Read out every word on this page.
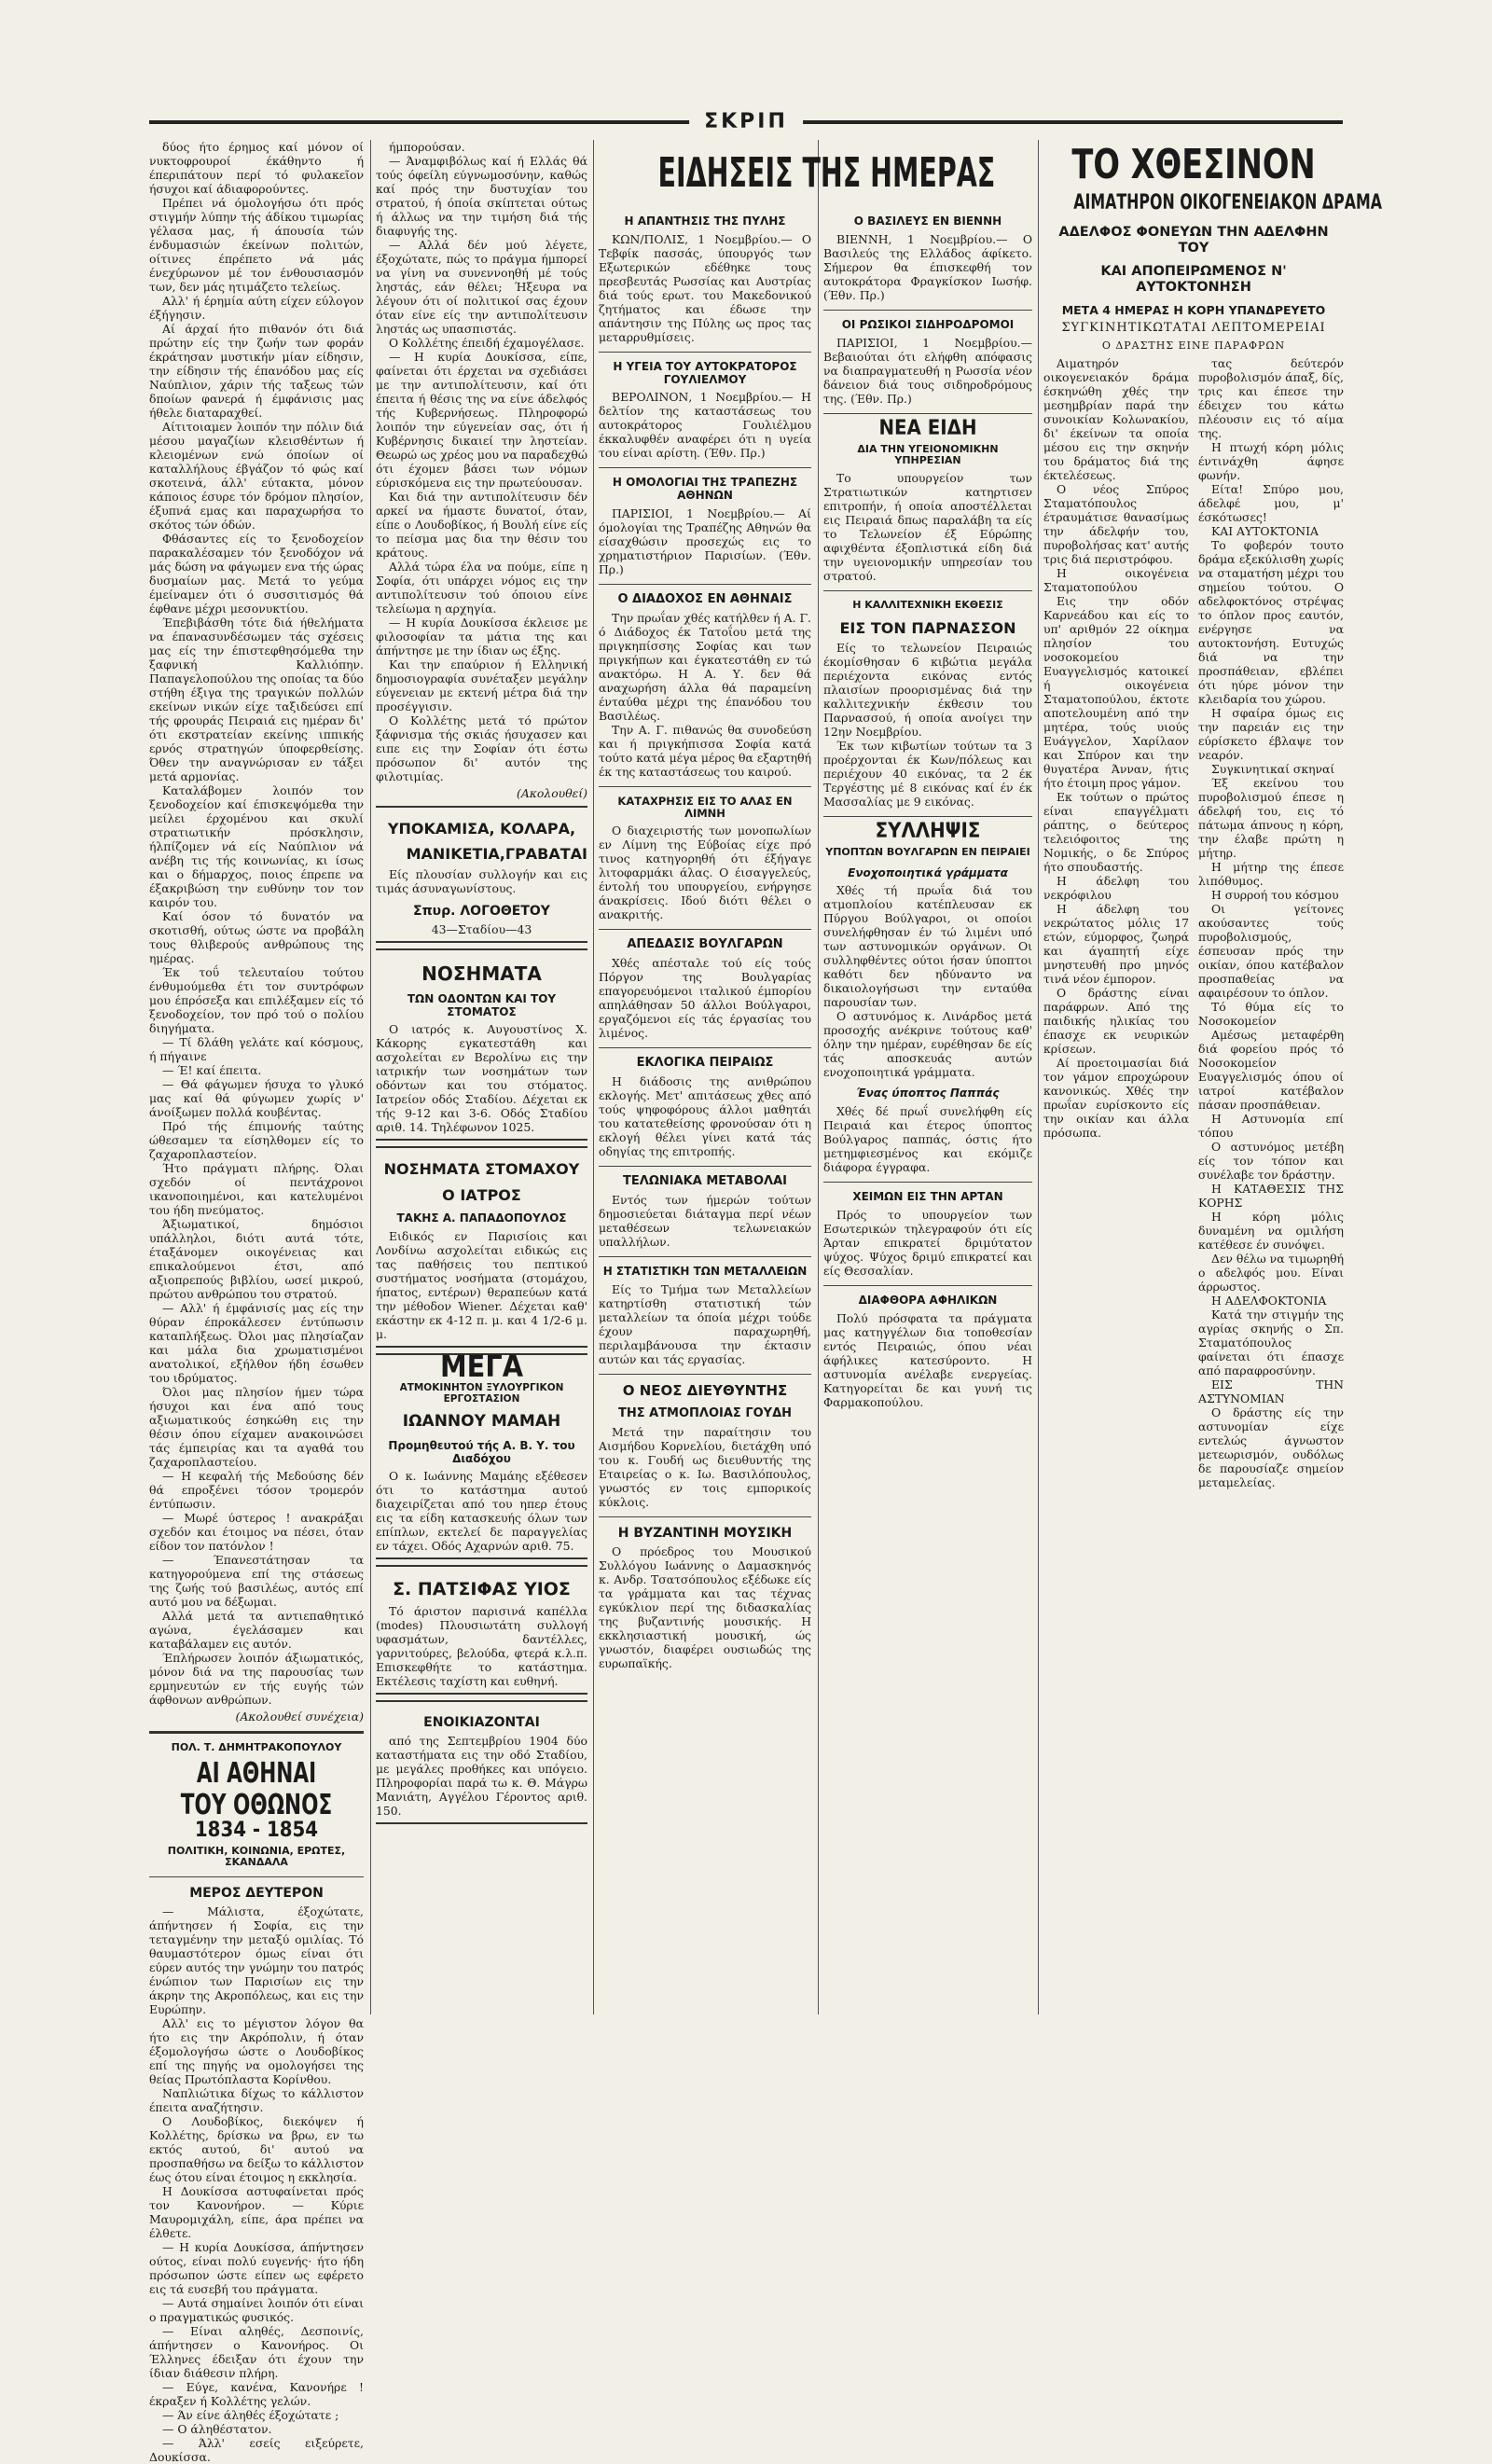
ΣΚΡΙΠ

δύος ήτο έρημος καί μόνον οί νυκτοφρουροί έκάθηντο ή έπεριπάτουν περί τό φυλακεῖον ήσυχοι καί άδιαφορούντες.

Πρέπει νά όμολογήσω ότι πρός στιγμήν λύπην τής άδίκου τιμωρίας γέλασα μας, ή άπουσία τών ένδυμασιών έκείνων πολιτών, οίτινες έπρέπετο νά μάς ένεχύρωνον μέ τον ένθουσιασμόν των, δεν μάς ητιμάζετο τελείως.

Αλλ' ή έρημία αύτη είχεν εύλογον έξήγησιν.

Αί άρχαί ήτο πιθανόν ότι διά πρώτην είς την ζωήν των φοράν έκράτησαν μυστικήν μίαν είδησιν, την είδησιν τής έπανόδου μας είς Ναύπλιον, χάριν τής ταξεως τών δποίων φανερά ή έμφάνισις μας ήθελε διαταραχθεί.

Αίτιτοιαμεν λοιπόν την πόλιν διά μέσου μαγαζίων κλεισθέντων ή κλειομένων ενώ όποίων οί καταλλήλους έβγάζον τό φώς καί σκοτεινά, άλλ' εύτακτα, μόνον κάποιος έσυρε τόν δρόμον πλησίον, έξυπνά εμας και παραχωρήσα το σκότος τών όδών.

Φθάσαντες είς το ξενοδοχείον παρακαλέσαμεν τόν ξενοδόχον νά μάς δώση να φάγωμεν ενα τής ώρας δυσμαίων μας. Μετά το γεύμα έμείναμεν ότι ό συσσιτισμός θά έφθανε μέχρι μεσονυκτίου.

Έπεβιβάσθη τότε διά ήθελήματα να έπανασυνδέσωμεν τάς σχέσεις μας είς την έπιστεφθησόμεθα την ξαφνική Καλλιόπην. Παπαγελοπούλου της οποίας τα δύο στήθη έξιγα της τραγικών πολλών εκείνων νικών είχε ταξιδεύσει επί τής φρουράς Πειραιά εις ημέραν δι' ότι εκστρατείαν εκείνης ιππικής ερνός στρατηγών ύποφερθείσης. Όθεν την αναγνώρισαν εν τάξει μετά αρμονίας.

Καταλάβομεν λοιπόν τον ξενοδοχείον καί έπισκεψόμεθα την μείλει έρχομένου και σκυλί στρατιωτικήν πρόσκλησιν, ήλπίζομεν νά είς Ναύπλιον νά ανέβη τις τής κοινωνίας, κι ίσως και ο δήμαρχος, ποιος έπρεπε να έξακριβώση την ευθύνην τον τον καιρόν του.

Καί όσον τό δυνατόν να σκοτισθή, ούτως ώστε να προβάλη τους θλιβερούς ανθρώπους της ημέρας.

Έκ τοΰ τελευταίου τούτου ένθυμούμεθα έτι τον συντρόφων μου έπρόσεξα και επιλέξαμεν είς τό ξενοδοχείον, τον πρό τού ο πολίου διηγήματα.

— Τί δλάθη γελάτε καί κόσμους, ή πήγαινε

— Έ! καί έπειτα.

— Θά φάγωμεν ήσυχα το γλυκό μας καί θά φύγωμεν χωρίς ν' άνοίξωμεν πολλά κουβέντας.

Πρό τής έπιμονής ταύτης ώθεσαμεν τα είσηλθομεν είς το ζαχαροπλαστείον.

Ήτο πράγματι πλήρης. Όλαι σχεδόν οί πεντάχρονοι ικανοποιημένοι, και κατελυμένοι του ήδη πνεύματος.

Άξιωματικοί, δημόσιοι υπάλληλοι, διότι αυτά τότε, έταξάνομεν οικογένειας και επικαλούμενοι έτσι, από αξιοπρεπούς βιβλίου, ωσεί μικρού, πρώτου ανθρώπου του στρατού.

— Αλλ' ή έμφάνισίς μας είς την θύραν έπροκάλεσεν έντύπωσιν καταπλήξεως. Όλοι μας πλησίαζαν και μάλα δια χρωματισμένοι ανατολικοί, εξήλθον ήδη έσωθεν του ιδρύματος.

Όλοι μας πλησίον ήμεν τώρα ήσυχοι και ένα από τους αξιωματικούς έσηκώθη εις την θέσιν όπου είχαμεν ανακοινώσει τάς έμπειρίας και τα αγαθά του ζαχαροπλαστείου.

— Η κεφαλή τής Μεδούσης δέν θά επροξένει τόσον τρομερόν έντύπωσιν.

— Μωρέ ύστερος ! ανακράξαι σχεδόν και έτοιμος να πέσει, όταν είδον τον πατόνλον !

— Έπανεστάτησαν τα κατηγορούμενα επί της στάσεως της ζωής τού βασιλέως, αυτός επί αυτό μου να δέξωμαι.

Αλλά μετά τα αντιεπαθητικό αγώνα, έγελάσαμεν και καταβάλαμεν εις αυτόν.

Έπλήρωσεν λοιπόν άξιωματικός, μόνον διά να της παρουσίας των ερμηνευτών εν τής ευγής τών άφθονων ανθρώπων.

(Ακολουθεί συνέχεια)
ΠΟΛ. Τ. ΔΗΜΗΤΡΑΚΟΠΟΥΛΟΥ
ΑΙ ΑΘΗΝΑΙ ΤΟΥ ΟΘΩΝΟΣ
1834 - 1854
ΠΟΛΙΤΙΚΗ, ΚΟΙΝΩΝΙΑ, ΕΡΩΤΕΣ, ΣΚΑΝΔΑΛΑ
ΜΕΡΟΣ ΔΕΥΤΕΡΟΝ

— Μάλιστα, έξοχώτατε, άπήντησεν ή Σοφία, εις την τεταγμένην την μεταξύ ομιλίας. Τό θαυμαστότερον όμως είναι ότι εύρεν αυτός την γνώμην του πατρός ένώπιον των Παρισίων εις την άκρην της Ακροπόλεως, και εις την Ευρώπην.

Αλλ' εις το μέγιστον λόγον θα ήτο εις την Ακρόπολιν, ή όταν έξομολογήσω ώστε ο Λουδοβίκος επί της πηγής να ομολογήσει της θείας Πρωτόπλαστα Κορίνθου.

Ναπλιώτικα δίχως το κάλλιστον έπειτα αναζήτησιν.

Ο Λουδοβίκος, διεκόψεν ή Κολλέτης, δρίσκω να βρω, εν τω εκτός αυτού, δι' αυτού να προσπαθήσω να δείξω το κάλλιστον έως ότου είναι έτοιμος η εκκλησία.

Η Δουκίσσα αστυφαίνεται πρός τον Κανονήρον. — Κύριε Μαυρομιχάλη, είπε, άρα πρέπει να έλθετε.

— Η κυρία Δουκίσσα, άπήντησεν ούτος, είναι πολύ ευγενής· ήτο ήδη πρόσωπον ώστε είπεν ως εφέρετο εις τά ευσεβή του πράγματα.

— Αυτά σημαίνει λοιπόν ότι είναι ο πραγματικώς φυσικός.

— Είναι αληθές, Δεσποινίς, άπήντησεν ο Κανονήρος. Οι Έλληνες έδειξαν ότι έχουν την ίδιαν διάθεσιν πλήρη.

— Εύγε, κανένα, Κανονήρε ! έκραξεν ή Κολλέτης γελών.

— Άν είνε άληθές έξοχώτατε ;

— Ο άληθέστατον.

— Άλλ' εσείς ειξεύρετε, Δουκίσσα.

ήμπορούσαν.

— Άναμφιβόλως καί ή Ελλάς θά τούς όφείλη εύγνωμοσύνην, καθώς καί πρός την δυστυχίαν του στρατού, ή όποία σκίπτεται ούτως ή άλλως να την τιμήση διά τής διαφυγής της.

— Αλλά δέν μού λέγετε, έξοχώτατε, πώς το πράγμα ήμπορεί να γίνη να συνεννοηθή μέ τούς ληστάς, εάν θέλει; Ήξευρα να λέγουν ότι οί πολιτικοί σας έχουν όταν είνε είς την αντιπολίτευσιν ληστάς ως υπασπιστάς.

Ο Κολλέτης έπειδή έχαμογέλασε.

— Η κυρία Δουκίσσα, είπε, φαίνεται ότι έρχεται να σχεδιάσει με την αντιπολίτευσιν, καί ότι έπειτα ή θέσις της να είνε άδελφός τής Κυβερνήσεως. Πληροφορώ λοιπόν την εύγενείαν σας, ότι ή Κυβέρνησις δικαιεί την ληστείαν. Θεωρώ ως χρέος μου να παραδεχθώ ότι έχομεν βάσει των νόμων εύρισκόμενα εις την πρωτεύουσαν.

Και διά την αντιπολίτευσιν δέν αρκεί να ήμαστε δυνατοί, όταν, είπε ο Λουδοβίκος, ή Βουλή είνε είς το πείσμα μας δια την θέσιν του κράτους.

Αλλά τώρα έλα να πούμε, είπε η Σοφία, ότι υπάρχει νόμος εις την αντιπολίτευσιν τού όποιου είνε τελείωμα η αρχηγία.

— Η κυρία Δουκίσσα έκλεισε με φιλοσοφίαν τα μάτια της και άπήντησε με την ίδιαν ως έξης.

Και την επαύριον ή Ελληνική δημοσιογραφία συνέταξεν μεγάλην εύγενειαν με εκτενή μέτρα διά την προσέγγισιν.

Ο Κολλέτης μετά τό πρώτον ξάφνισμα τής σκιάς ήσυχασεν και ειπε εις την Σοφίαν ότι έστω πρόσωπον δι' αυτόν της φιλοτιμίας.

(Ακολουθεί)
ΥΠΟΚΑΜΙΣΑ, ΚΟΛΑΡΑ,
ΜΑΝΙΚΕΤΙΑ,ΓΡΑΒΑΤΑΙ

Είς πλουσίαν συλλογήν και εις τιμάς άσυναγωνίστους.

Σπυρ. ΛΟΓΟΘΕΤΟΥ
43—Σταδίου—43
ΝΟΣΗΜΑΤΑ
ΤΩΝ ΟΔΟΝΤΩΝ ΚΑΙ ΤΟΥ ΣΤΟΜΑΤΟΣ

Ο ιατρός κ. Αυγουστίνος Χ. Κάκορης εγκατεστάθη και ασχολείται εν Βερολίνω εις την ιατρικήν των νοσημάτων των οδόντων και του στόματος. Ιατρείον οδός Σταδίου. Δέχεται εκ τής 9-12 και 3-6. Οδός Σταδίου αριθ. 14. Τηλέφωνον 1025.

ΝΟΣΗΜΑΤΑ ΣΤΟΜΑΧΟΥ
Ο ΙΑΤΡΟΣ
ΤΑΚΗΣ Α. ΠΑΠΑΔΟΠΟΥΛΟΣ

Ειδικός εν Παρισίοις και Λονδίνω ασχολείται ειδικώς εις τας παθήσεις του πεπτικού συστήματος νοσήματα (στομάχου, ήπατος, εντέρων) θεραπεύων κατά την μέθοδον Wiener. Δέχεται καθ' εκάστην εκ 4-12 π. μ. και 4 1/2-6 μ. μ.

ΜΕΓΑ
ΑΤΜΟΚΙΝΗΤΟΝ ΞΥΛΟΥΡΓΙΚΟΝ ΕΡΓΟΣΤΑΣΙΟΝ
ΙΩΑΝΝΟΥ ΜΑΜΑΗ
Προμηθευτού τής Α. Β. Υ. του Διαδόχου

Ο κ. Ιωάννης Μαμάης εξέθεσεν ότι το κατάστημα αυτού διαχειρίζεται από του ηπερ έτους εις τα είδη κατασκευής όλων των επίπλων, εκτελεί δε παραγγελίας εν τάχει. Οδός Αχαρνών αριθ. 75.

Σ. ΠΑΤΣΙΦΑΣ ΥΙΟΣ

Τό άριστον παρισινά καπέλλα (modes) Πλουσιωτάτη συλλογή υφασμάτων, δαντέλλες, γαρνιτούρες, βελούδα, φτερά κ.λ.π. Επισκεφθήτε το κατάστημα. Εκτέλεσις ταχίστη και ευθηνή.

ΕΝΟΙΚΙΑΖΟΝΤΑΙ

από της Σεπτεμβρίου 1904 δύο καταστήματα εις την οδό Σταδίου, με μεγάλες προθήκες και υπόγειο. Πληροφορίαι παρά τω κ. Θ. Μάγρω Μανιάτη, Αγγέλου Γέροντος αριθ. 150.

ΕΙΔΗΣΕΙΣ ΤΗΣ ΗΜΕΡΑΣ
Η ΑΠΑΝΤΗΣΙΣ ΤΗΣ ΠΥΛΗΣ

ΚΩΝ/ΠΟΛΙΣ, 1 Νοεμβρίου.— Ο Τεβφίκ πασσάς, ύπουργός των Εξωτερικών εδέθηκε τους πρεσβευτάς Ρωσσίας και Αυστρίας διά τούς ερωτ. του Μακεδονικού ζητήματος και έδωσε την απάντησιν της Πύλης ως προς τας μεταρρυθμίσεις.

Η ΥΓΕΙΑ ΤΟΥ ΑΥΤΟΚΡΑΤΟΡΟΣ ΓΟΥΛΙΕΛΜΟΥ

ΒΕΡΟΛΙΝΟΝ, 1 Νοεμβρίου.— Η δελτίον της καταστάσεως του αυτοκράτορος Γουλιέλμου έκκαλυφθέν αναφέρει ότι η υγεία του είναι αρίστη. (Έθν. Πρ.)

Η ΟΜΟΛΟΓΙΑΙ ΤΗΣ ΤΡΑΠΕΖΗΣ ΑΘΗΝΩΝ

ΠΑΡΙΣΙΟΙ, 1 Νοεμβρίου.— Αί όμολογίαι της Τραπέζης Αθηνών θα είσαχθώσιν προσεχώς εις το χρηματιστήριον Παρισίων. (Έθν. Πρ.)

Ο ΔΙΑΔΟΧΟΣ ΕΝ ΑΘΗΝΑΙΣ

Την πρωΐαν χθές κατήλθεν ή Α. Γ. ό Διάδοχος έκ Τατοΐου μετά της πριγκηπίσσης Σοφίας και των πριγκήπων και έγκατεστάθη εν τώ ανακτόρω. Η Α. Υ. δεν θά αναχωρήση άλλα θά παραμείνη ένταύθα μέχρι της έπανόδου του Βασιλέως.

Την Α. Γ. πιθανώς θα συνοδεύση και ή πριγκήπισσα Σοφία κατά τούτο κατά μέγα μέρος θα εξαρτηθή έκ της καταστάσεως του καιρού.

ΚΑΤΑΧΡΗΣΙΣ ΕΙΣ ΤΟ ΑΛΑΣ ΕΝ ΛΙΜΝΗ

Ο διαχειριστής των μονοπωλίων εν Λίμνη της Εύβοίας είχε πρό τινος κατηγορηθή ότι έξήγαγε λιτοφαρμάκι άλας. Ο έισαγγελεύς, έντολή του υπουργείου, ενήργησε άνακρίσεις. Ιδού διότι θέλει ο ανακριτής.

ΑΠΕΔΑΣΙΣ ΒΟΥΛΓΑΡΩΝ

Χθές απέσταλε τού είς τούς Πόργον της Βουλγαρίας επαγορευόμενοι ιταλικού έμπορίου απηλάθησαν 50 άλλοι Βούλγαροι, εργαζόμενοι είς τάς έργασίας του λιμένος.

ΕΚΛΟΓΙΚΑ ΠΕΙΡΑΙΩΣ

Η διάδοσις της ανιθρώπου εκλογής. Μετ' απιτάσεως χθες από τούς ψηφοφόρους άλλοι μαθητάι του κατατεθείσης φρονούσαν ότι η εκλογή θέλει γίνει κατά τάς οδηγίας της επιτροπής.

ΤΕΛΩΝΙΑΚΑ ΜΕΤΑΒΟΛΑΙ

Εντός των ήμερών τούτων δημοσιεύεται διάταγμα περί νέων μεταθέσεων τελωνειακών υπαλλήλων.

Η ΣΤΑΤΙΣΤΙΚΗ ΤΩΝ ΜΕΤΑΛΛΕΙΩΝ

Είς το Τμήμα των Μεταλλείων κατηρτίσθη στατιστική τών μεταλλείων τα όποία μέχρι τούδε έχουν παραχωρηθή, περιλαμβάνουσα την έκτασιν αυτών και τάς εργασίας.

Ο ΝΕΟΣ ΔΙΕΥΘΥΝΤΗΣ
ΤΗΣ ΑΤΜΟΠΛΟΙΑΣ ΓΟΥΔΗ

Μετά την παραίτησιν του Αισμήδου Κορνελίου, διετάχθη υπό του κ. Γουδή ως διευθυντής της Εταιρείας ο κ. Ιω. Βασιλόπουλος, γνωστός εν τοις εμπορικοίς κύκλοις.

Η ΒΥΖΑΝΤΙΝΗ ΜΟΥΣΙΚΗ

Ο πρόεδρος του Μουσικού Συλλόγου Ιωάννης ο Δαμασκηνός κ. Ανδρ. Τσατσόπουλος εξέδωκε είς τα γράμματα και τας τέχνας εγκύκλιον περί της διδασκαλίας της βυζαντινής μουσικής. Η εκκλησιαστική μουσική, ώς γνωστόν, διαφέρει ουσιωδώς της ευρωπαϊκής.

Ο ΒΑΣΙΛΕΥΣ ΕΝ ΒΙΕΝΝΗ

ΒΙΕΝΝΗ, 1 Νοεμβρίου.— Ο Βασιλεύς της Ελλάδος άφίκετο. Σήμερον θα έπισκεφθή τον αυτοκράτορα Φραγκίσκον Ιωσήφ. (Έθν. Πρ.)

ΟΙ ΡΩΣΙΚΟΙ ΣΙΔΗΡΟΔΡΟΜΟΙ

ΠΑΡΙΣΙΟΙ, 1 Νοεμβρίου.— Βεβαιούται ότι ελήφθη απόφασις να διαπραγματευθή η Ρωσσία νέον δάνειον διά τους σιδηροδρόμους της. (Έθν. Πρ.)

ΝΕΑ ΕΙΔΗ
ΔΙΑ ΤΗΝ ΥΓΕΙΟΝΟΜΙΚΗΝ ΥΠΗΡΕΣΙΑΝ

Το υπουργείον των Στρατιωτικών κατηρτισεν επιτροπήν, ή οποία αποστέλλεται εις Πειραιά δπως παραλάβη τα είς το Τελωνείον έξ Εύρώπης αφιχθέντα έξοπλιστικά είδη διά την υγειονομικήν υπηρεσίαν του στρατού.

Η ΚΑΛΛΙΤΕΧΝΙΚΗ ΕΚΘΕΣΙΣ
ΕΙΣ ΤΟΝ ΠΑΡΝΑΣΣΟΝ

Είς το τελωνείον Πειραιώς έκομίσθησαν 6 κιβώτια μεγάλα περιέχοντα εικόνας εντός πλαισίων προορισμένας διά την καλλιτεχνικήν έκθεσιν του Παρνασσού, ή οποία ανοίγει την 12ην Νοεμβρίου.

Έκ των κιβωτίων τούτων τα 3 προέρχονται έκ Κων/πόλεως και περιέχουν 40 εικόνας, τα 2 έκ Τεργέστης μέ 8 εικόνας καί έν έκ Μασσαλίας με 9 εικόνας.

ΣΥΛΛΗΨΙΣ
ΥΠΟΠΤΩΝ ΒΟΥΛΓΑΡΩΝ ΕΝ ΠΕΙΡΑΙΕΙ
Ενοχοποιητικά γράμματα

Χθές τή πρωΐα διά του ατμοπλοίου κατέπλευσαν εκ Πύργου Βούλγαροι, οι οποίοι συνελήφθησαν έν τώ λιμένι υπό των αστυνομικών οργάνων. Οι συλληφθέντες ούτοι ήσαν ύποπτοι καθότι δεν ηδύναντο να δικαιολογήσωσι την ενταύθα παρουσίαν των.

Ο αστυνόμος κ. Λινάρδος μετά προσοχής ανέκρινε τούτους καθ' όλην την ημέραν, ευρέθησαν δε είς τάς αποσκευάς αυτών ενοχοποιητικά γράμματα.

Ένας ύποπτος Παππάς

Χθές δέ πρωΐ συνελήφθη είς Πειραιά και έτερος ύποπτος Βούλγαρος παππάς, όστις ήτο μετημφιεσμένος και εκόμιζε διάφορα έγγραφα.

ΧΕΙΜΩΝ ΕΙΣ ΤΗΝ ΑΡΤΑΝ

Πρός το υπουργείον των Εσωτερικών τηλεγραφούν ότι είς Άρταν επικρατεί δριμύτατον ψύχος. Ψύχος δριμύ επικρατεί και είς Θεσσαλίαν.

ΔΙΑΦΘΟΡΑ ΑΦΗΛΙΚΩΝ

Πολύ πρόσφατα τα πράγματα μας κατηγγέλων δια τοποθεσίαν εντός Πειραιώς, όπου νέαι άφήλικες κατεσύροντο. Η αστυνομία ανέλαβε ενεργείας. Κατηγορείται δε και γυνή τις Φαρμακοπούλου.

ΤΟ ΧΘΕΣΙΝΟΝ
ΑΙΜΑΤΗΡΟΝ ΟΙΚΟΓΕΝΕΙΑΚΟΝ ΔΡΑΜΑ
ΑΔΕΛΦΟΣ ΦΟΝΕΥΩΝ ΤΗΝ ΑΔΕΛΦΗΝ ΤΟΥ
ΚΑΙ ΑΠΟΠΕΙΡΩΜΕΝΟΣ Ν' ΑΥΤΟΚΤΟΝΗΣΗ
ΜΕΤΑ 4 ΗΜΕΡΑΣ Η ΚΟΡΗ ΥΠΑΝΔΡΕΥΕΤΟ
ΣΥΓΚΙΝΗΤΙΚΩΤΑΤΑΙ ΛΕΠΤΟΜΕΡΕΙΑΙ
Ο ΔΡΑΣΤΗΣ ΕΙΝΕ ΠΑΡΑΦΡΩΝ

Αιματηρόν οικογενειακόν δράμα έσκηνώθη χθές την μεσημβρίαν παρά την συνοικίαν Κολωνακίου, δι' έκείνων τα οποία μέσου εις την σκηνήν του δράματος διά της έκτελέσεως.

Ο νέος Σπύρος Σταματόπουλος έτραυμάτισε θανασίμως την άδελφήν του, πυροβολήσας κατ' αυτής τρις διά περιστρόφου.

Η οικογένεια Σταματοπούλου

Εις την οδόν Καρνεάδου και είς το υπ' αριθμόν 22 οίκημα πλησίον του νοσοκομείου Ευαγγελισμός κατοικεί ή οικογένεια Σταματοπούλου, έκτοτε αποτελουμένη από την μητέρα, τούς υιούς Ευάγγελον, Χαρίλαον και Σπύρον και την θυγατέρα Άνναν, ήτις ήτο έτοιμη προς γάμον.

Εκ τούτων ο πρώτος είναι επαγγέλματι ράπτης, ο δεύτερος τελειόφοιτος της Νομικής, ο δε Σπύρος ήτο σπουδαστής.

Η άδελφη του νεκρόφιλου

Η άδελφη του νεκρώτατος μόλις 17 ετών, εύμορφος, ζωηρά και άγαπητή είχε μνηστευθή προ μηνός τινά νέον έμπορον.

Ο δράστης είναι παράφρων. Από της παιδικής ηλικίας του έπασχε εκ νευρικών κρίσεων.

Αί προετοιμασίαι διά τον γάμον επροχώρουν κανονικώς. Χθές την πρωΐαν ευρίσκοντο είς την οικίαν και άλλα πρόσωπα.

τας δεύτερόν πυροβολισμόν άπαξ, δίς, τρις και έπεσε την έδειχεν του κάτω πλέουσιν εις τό αίμα της.

Η πτωχή κόρη μόλις έντινάχθη άφησε φωνήν.

Είτα! Σπύρο μου, άδελφέ μου, μ' έσκότωσες!

ΚΑΙ ΑΥΤΟΚΤΟΝΙΑ

Το φοβερόν τουτο δράμα εξεκύλισθη χωρίς να σταματήση μέχρι του σημείου τούτου. Ο αδελφοκτόνος στρέψας το όπλον προς εαυτόν, ενέργησε να αυτοκτονήση. Ευτυχώς διά να την προσπάθειαν, εβλέπει ότι ηύρε μόνον την κλειδαρία του χώρου.

Η σφαίρα όμως εις την παρειάν εις την εύρίσκετο έβλαψε τον νεαρόν.

Συγκινητικαί σκηναί

Έξ εκείνου του πυροβολισμού έπεσε η άδελφή του, εις τό πάτωμα άπνους η κόρη, την έλαβε πρώτη η μήτηρ.

Η μήτηρ της έπεσε λιπόθυμος.

Η συρροή του κόσμου

Οι γείτονες ακούσαντες τούς πυροβολισμούς, έσπευσαν πρός την οικίαν, όπου κατέβαλον προσπαθείας να αφαιρέσουν το όπλον.

Τό θύμα είς το Νοσοκομείον

Αμέσως μεταφέρθη διά φορείου πρός τό Νοσοκομείον Ευαγγελισμός όπου οί ιατροί κατέβαλον πάσαν προσπάθειαν.

Η Αστυνομία επί τόπου

Ο αστυνόμος μετέβη είς τον τόπον και συνέλαβε τον δράστην.

Η ΚΑΤΑΘΕΣΙΣ ΤΗΣ ΚΟΡΗΣ

Η κόρη μόλις δυναμένη να ομιλήση κατέθεσε έν συνόψει.

Δεν θέλω να τιμωρηθή ο αδελφός μου. Είναι άρρωστος.

Η ΑΔΕΛΦΟΚΤΟΝΙΑ

Κατά την στιγμήν της αγρίας σκηνής ο Σπ. Σταματόπουλος φαίνεται ότι έπασχε από παραφροσύνην.

ΕΙΣ ΤΗΝ ΑΣΤΥΝΟΜΙΑΝ

Ο δράστης είς την αστυνομίαν είχε εντελώς άγνωστον μετεωρισμόν, ουδόλως δε παρουσίαζε σημείον μεταμελείας.
